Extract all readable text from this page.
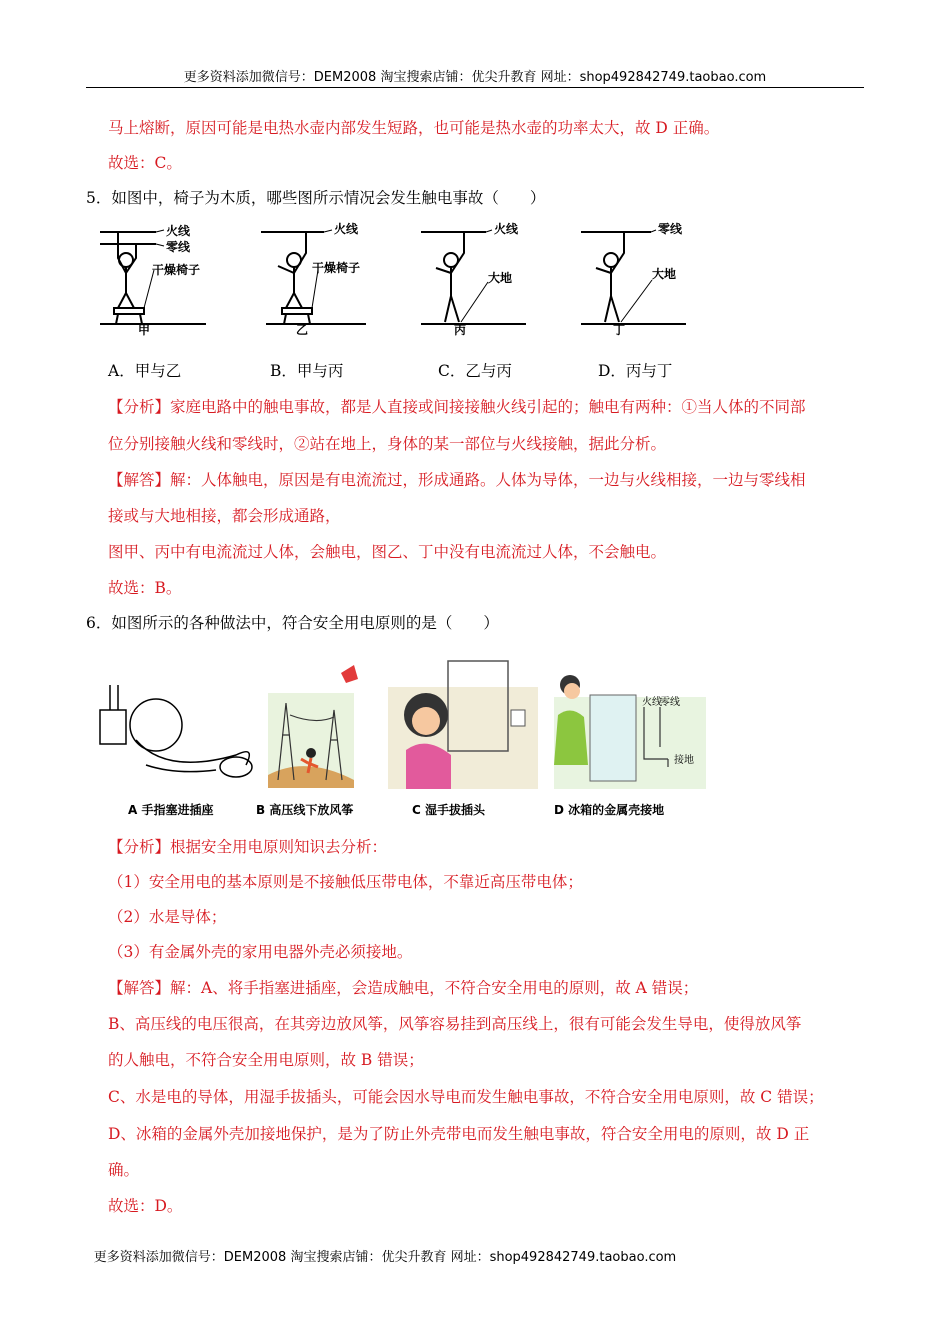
更多资料添加微信号：DEM2008 淘宝搜索店铺：优尖升教育 网址：shop492842749.taobao.com
马上熔断，原因可能是电热水壶内部发生短路，也可能是热水壶的功率太大，故 D 正确。
故选：C。
5．如图中，椅子为木质，哪些图所示情况会发生触电事故（　　）
火线
零线
干燥椅子
火线
干燥椅子
火线
大地
零线
大地
甲	乙	丙	丁
A．甲与乙	B．甲与丙	C．乙与丙	D．丙与丁
【分析】家庭电路中的触电事故，都是人直接或间接接触火线引起的；触电有两种：①当人体的不同部
位分别接触火线和零线时，②站在地上，身体的某一部位与火线接触，据此分析。
【解答】解：人体触电，原因是有电流流过，形成通路。人体为导体，一边与火线相接，一边与零线相
接或与大地相接，都会形成通路，
图甲、丙中有电流流过人体，会触电，图乙、丁中没有电流流过人体，不会触电。
故选：B。
6．如图所示的各种做法中，符合安全用电原则的是（　　）
火线
零线
接地
A 手指塞进插座	B 高压线下放风筝	C 湿手拔插头	D 冰箱的金属壳接地
【分析】根据安全用电原则知识去分析：
（1）安全用电的基本原则是不接触低压带电体，不靠近高压带电体；
（2）水是导体；
（3）有金属外壳的家用电器外壳必须接地。
【解答】解：A、将手指塞进插座，会造成触电，不符合安全用电的原则，故 A 错误；
B、高压线的电压很高，在其旁边放风筝，风筝容易挂到高压线上，很有可能会发生导电，使得放风筝
的人触电，不符合安全用电原则，故 B 错误；
C、水是电的导体，用湿手拔插头，可能会因水导电而发生触电事故，不符合安全用电原则，故 C 错误；
D、冰箱的金属外壳加接地保护，是为了防止外壳带电而发生触电事故，符合安全用电的原则，故 D 正
确。
故选：D。
更多资料添加微信号：DEM2008 淘宝搜索店铺：优尖升教育 网址：shop492842749.taobao.com
